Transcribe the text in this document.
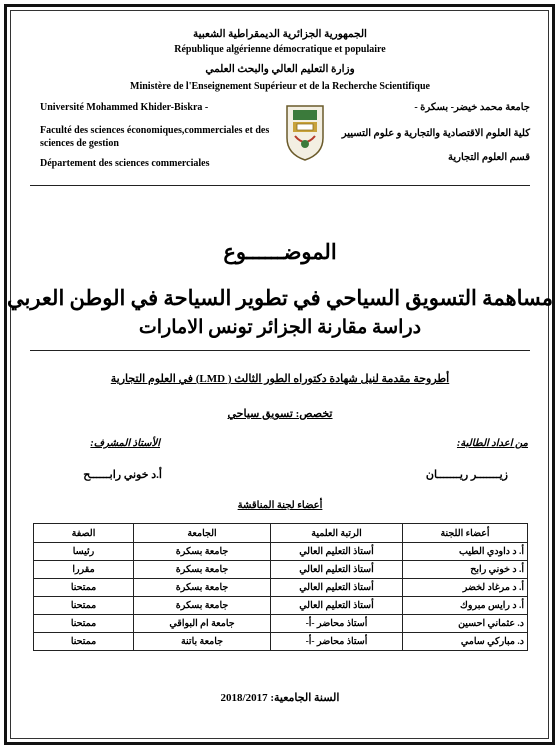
الجمهورية الجزائرية الديمقراطية الشعبية
République algérienne démocratique et populaire
وزارة التعليم العالي والبحث العلمي
Ministère de l'Enseignement Supérieur et de la Recherche Scientifique
Université Mohammed Khider-Biskra -
Faculté des sciences économiques,commerciales et des sciences de gestion
Département des sciences commerciales
جامعة محمد خيضر- بسكرة -
كلية العلوم الاقتصادية والتجارية و علوم التسيير
قسم العلوم التجارية
الموضــــــوع
مساهمة التسويق السياحي في تطوير السياحة في الوطن العربي
دراسة مقارنة الجزائر تونس الامارات
أطروحة مقدمة لنيل شهادة دكتوراه الطور الثالث ( LMD) في العلوم التجارية
تخصص: تسويق سياحي
من اعداد الطالبة:
الأستاذ المشرف:
زيـــــــر ريـــــــان
أ.د خوني رابــــــح
أعضاء لجنة المناقشة
أعضاء اللجنة	الرتبة العلمية	الجامعة	الصفة
أ. د داودي الطيب	أستاذ التعليم العالي	جامعة بسكرة	رئيسا
أ. د خوني رابح	أستاذ التعليم العالي	جامعة بسكرة	مقررا
أ. د مرغاد لخضر	أستاذ التعليم العالي	جامعة بسكرة	ممتحنا
أ. د رايس مبروك	أستاذ التعليم العالي	جامعة بسكرة	ممتحنا
د. عثماني احسين	أستاذ محاضر -أ-	جامعة ام البواقي	ممتحنا
د. مباركي سامي	أستاذ محاضر -أ-	جامعة باتنة	ممتحنا
السنة الجامعية: 2018/2017
